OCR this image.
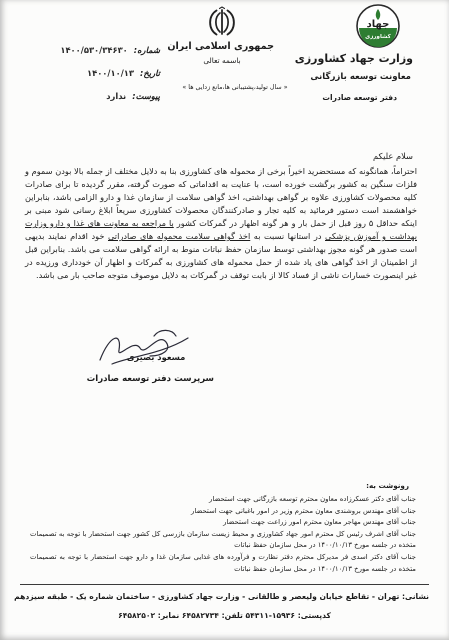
جهاد
کشاورزی
وزارت جهاد کشاورزی
معاونت توسعه بازرگانی
دفتر توسعه صادرات
جمهوری اسلامی ایران
باسمه تعالی
« سال تولید،پشتیبانی ها،مانع زدایی ها »
شماره:
۱۴۰۰/۵۳۰/۳۴۶۳۰
تاریخ:
۱۴۰۰/۱۰/۱۳
پیوست:
ندارد
سلام علیکم

احتراماً، همانگونه که مستحضرید اخیراً برخی از محموله های کشاورزی بنا به دلایل مختلف از جمله بالا بودن سموم و فلزات سنگین به کشور برگشت خورده است، با عنایت به اقداماتی که صورت گرفته، مقرر گردیده تا برای صادرات کلیه محصولات کشاورزی علاوه بر گواهی بهداشتی، اخذ گواهی سلامت از سازمان غذا و دارو الزامی باشد، بنابراین خواهشمند است دستور فرمائید به کلیه تجار و صادرکنندگان محصولات کشاورزی سریعاً ابلاغ رسانی شود مبنی بر اینکه حداقل ۵ روز قبل از حمل بار و هر گونه اظهار در گمرکات کشور با مراجعه به معاونت های غذا و دارو وزارت بهداشت و آموزش پزشکی در استانها نسبت به اخذ گواهی سلامت محموله های صادراتی خود اقدام نمایند بدیهی است صدور هر گونه مجوز بهداشتی توسط سازمان حفظ نباتات منوط به ارائه گواهی سلامت می باشد. بنابراین قبل از اطمینان از اخذ گواهی های یاد شده از حمل محموله های کشاورزی به گمرکات و اظهار آن خودداری ورزیده در غیر اینصورت خسارات ناشی از فساد کالا از بابت توقف در گمرکات به دلایل موصوف متوجه صاحب بار می باشد.

مسعود بصیری
سرپرست دفتر توسعه صادرات
رونوشت به:
جناب آقای دکتر عسکرزاده معاون محترم توسعه بازرگانی جهت استحضار
جناب آقای مهندس بروشندی معاون محترم وزیر در امور باغبانی جهت استحضار
جناب آقای مهندس مهاجر معاون محترم امور زراعت جهت استحضار
جناب آقای اشرف رئیس کل محترم امور جهاد کشاورزی و محیط زیست سازمان بازرسی کل کشور جهت استحضار با توجه به تصمیمات متخذه در جلسه مورخ ۱۴۰۰/۱۰/۱۳ در محل سازمان حفظ نباتات
جناب آقای دکتر اسدی فر مدیرکل محترم دفتر نظارت و فرآورده های غذایی سازمان غذا و دارو جهت استحضار با توجه به تصمیمات متخذه در جلسه مورخ ۱۴۰۰/۱۰/۱۳ در محل سازمان حفظ نباتات
نشانی: تهران - تقاطع خیابان ولیعصر و طالقانی - وزارت جهاد کشاورزی - ساختمان شماره یک - طبقه سیزدهم
کدپستی: ۱۵۹۳۶-۵۴۳۱۱ تلفن: ۶۴۵۸۲۷۳۴ نمابر: ۶۴۵۸۲۵۰۲
